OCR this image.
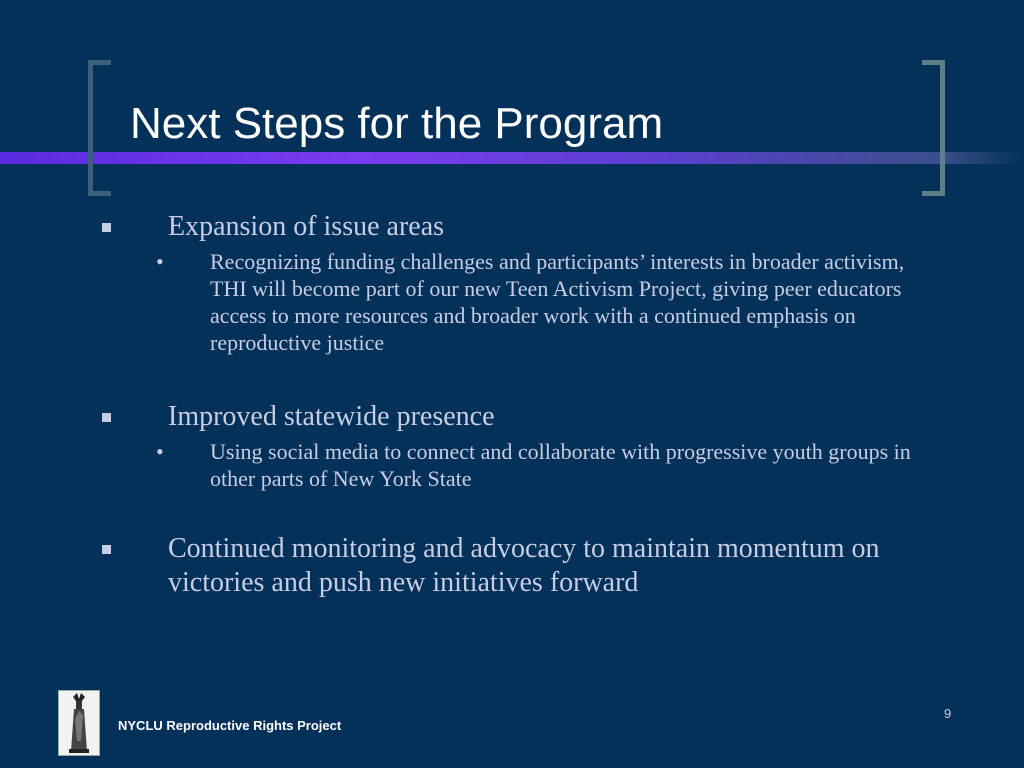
Next Steps for the Program
Expansion of issue areas
• Recognizing funding challenges and participants’ interests in broader activism, THI will become part of our new Teen Activism Project, giving peer educators access to more resources and broader work with a continued emphasis on reproductive justice
Improved statewide presence
• Using social media to connect and collaborate with progressive youth groups in other parts of New York State
Continued monitoring and advocacy to maintain momentum on victories and push new initiatives forward
NYCLU Reproductive Rights Project
9
